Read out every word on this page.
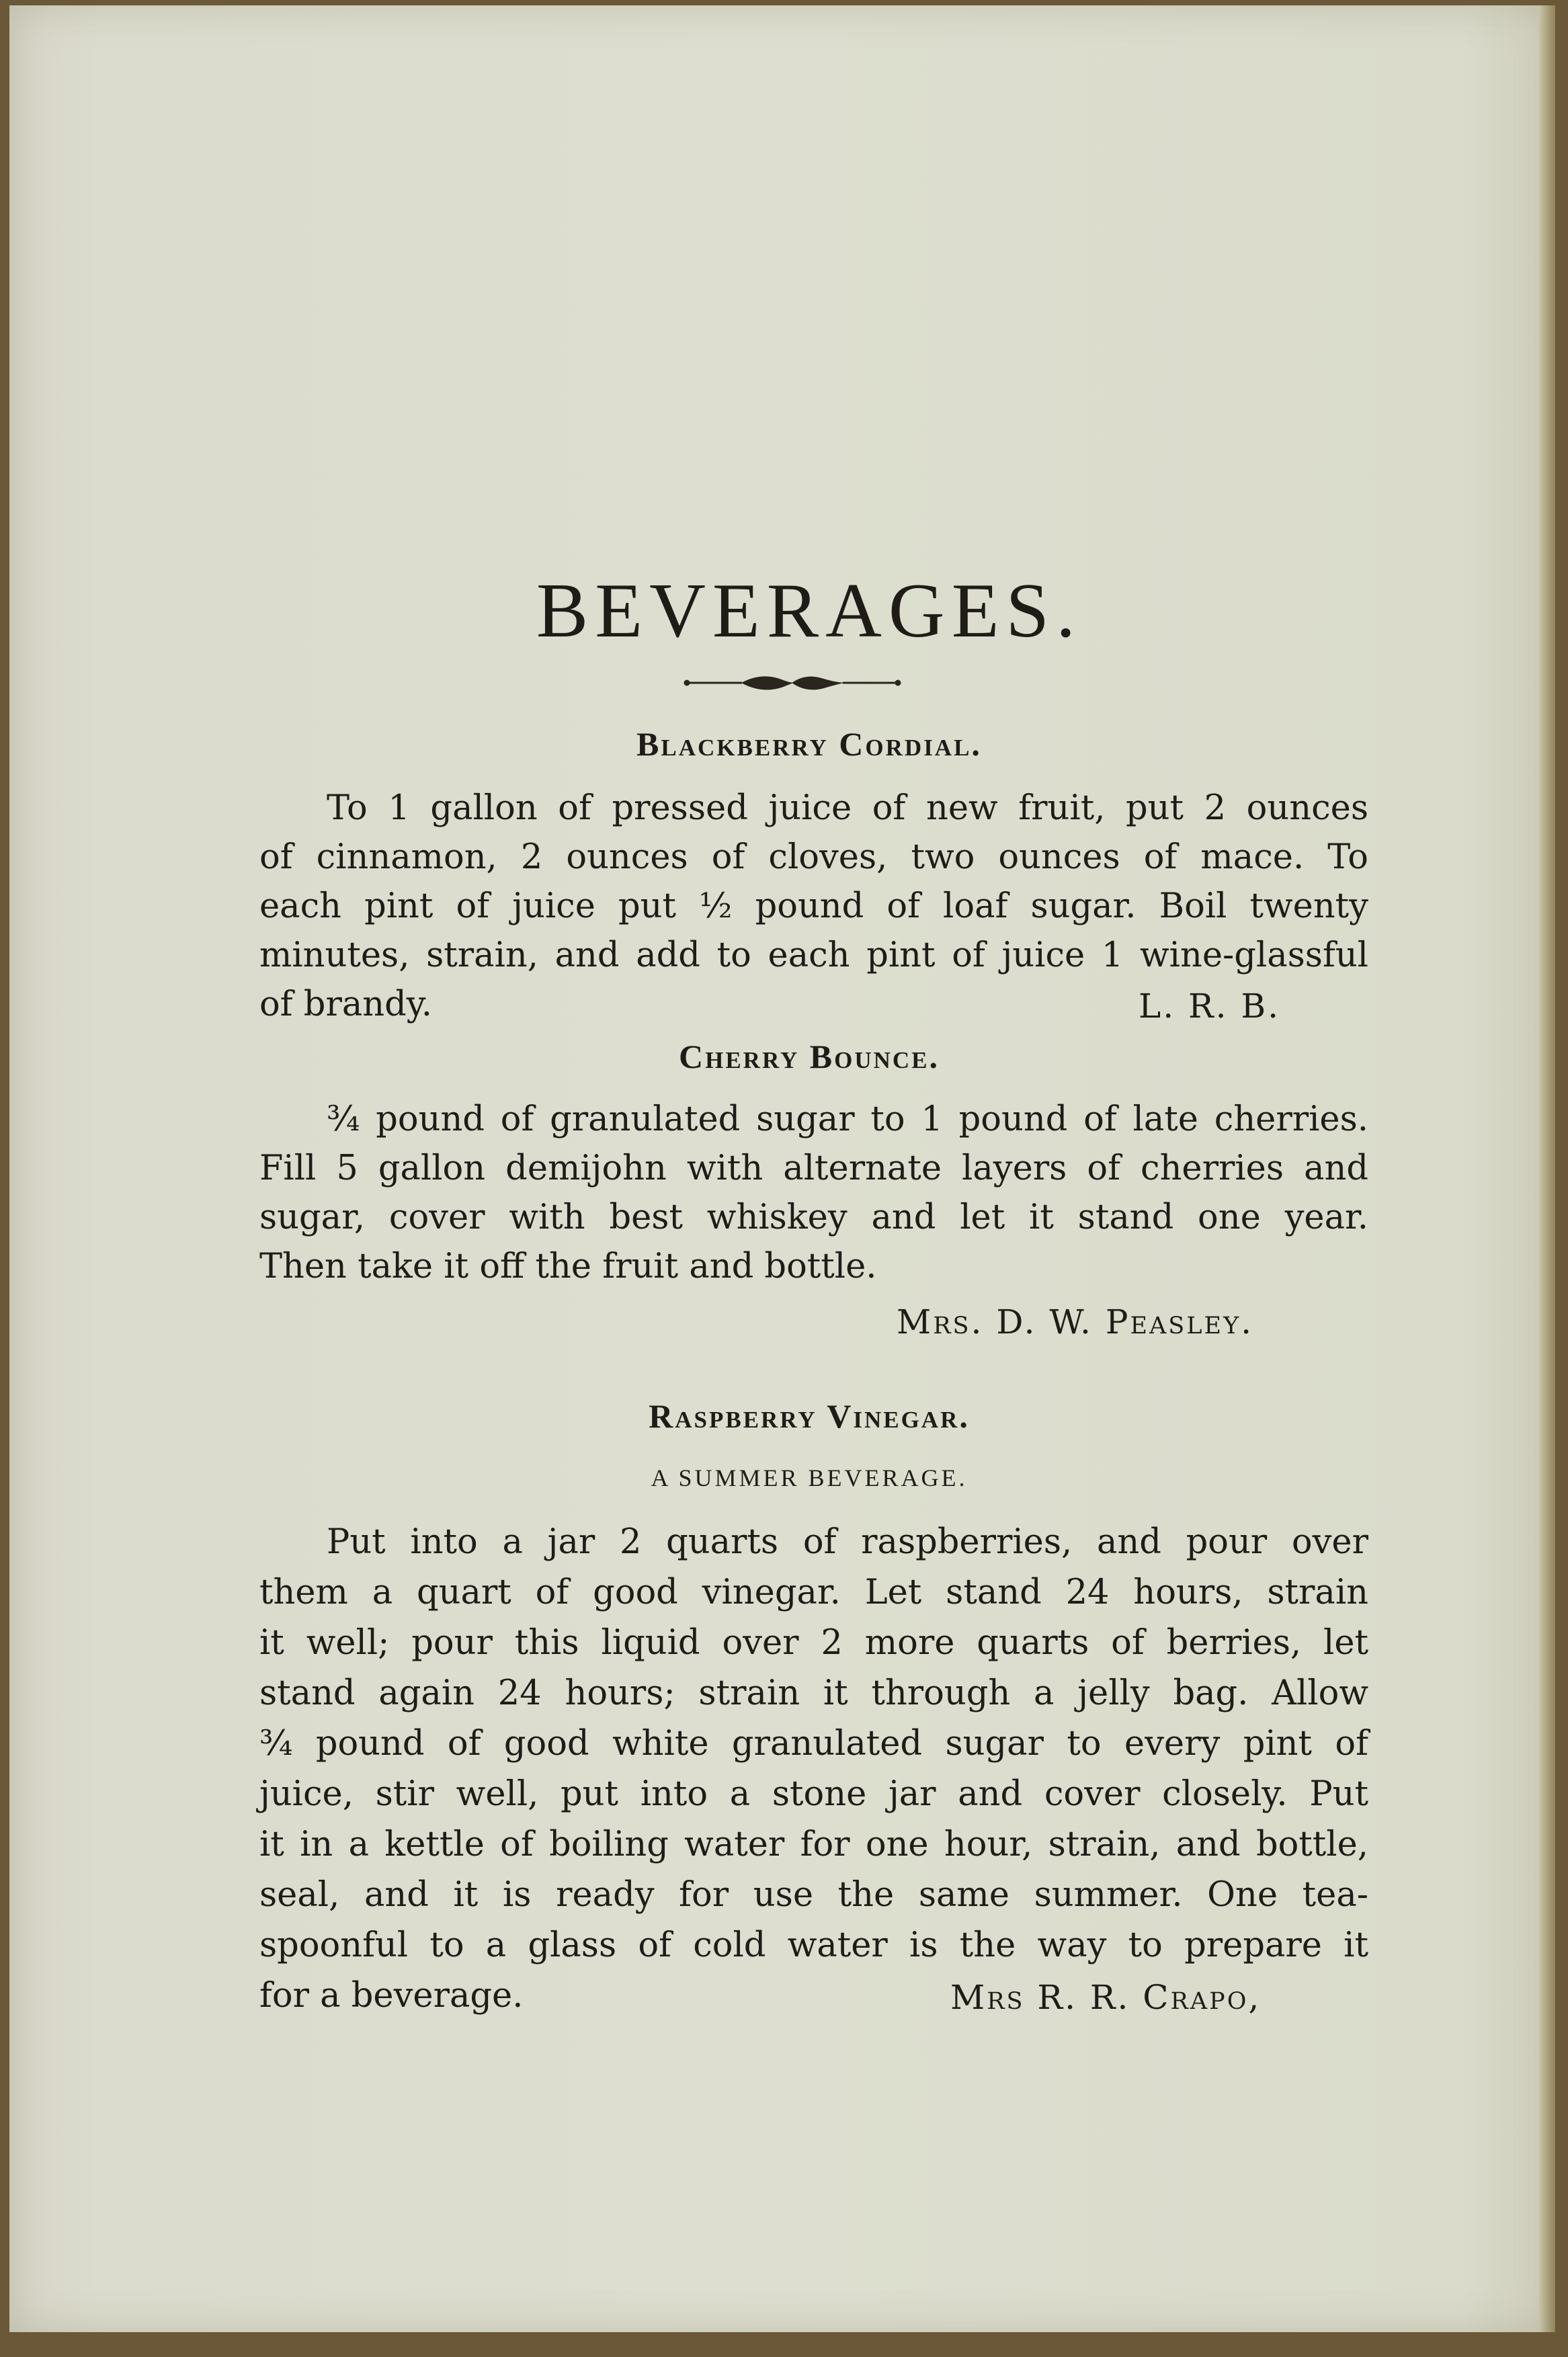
BEVERAGES.
Blackberry Cordial.
To 1 gallon of pressed juice of new fruit, put 2 ounces
of cinnamon, 2 ounces of cloves, two ounces of mace. To
each pint of juice put ½ pound of loaf sugar. Boil twenty
minutes, strain, and add to each pint of juice 1 wine-glassful
of brandy.	L. R. B.
Cherry Bounce.
¾ pound of granulated sugar to 1 pound of late cherries.
Fill 5 gallon demijohn with alternate layers of cherries and
sugar, cover with best whiskey and let it stand one year.
Then take it off the fruit and bottle.
Mrs. D. W. Peasley.
Raspberry Vinegar.
A SUMMER BEVERAGE.
Put into a jar 2 quarts of raspberries, and pour over
them a quart of good vinegar. Let stand 24 hours, strain
it well; pour this liquid over 2 more quarts of berries, let
stand again 24 hours; strain it through a jelly bag. Allow
¾ pound of good white granulated sugar to every pint of
juice, stir well, put into a stone jar and cover closely. Put
it in a kettle of boiling water for one hour, strain, and bottle,
seal, and it is ready for use the same summer. One tea-
spoonful to a glass of cold water is the way to prepare it
for a beverage.	Mrs R. R. Crapo,
